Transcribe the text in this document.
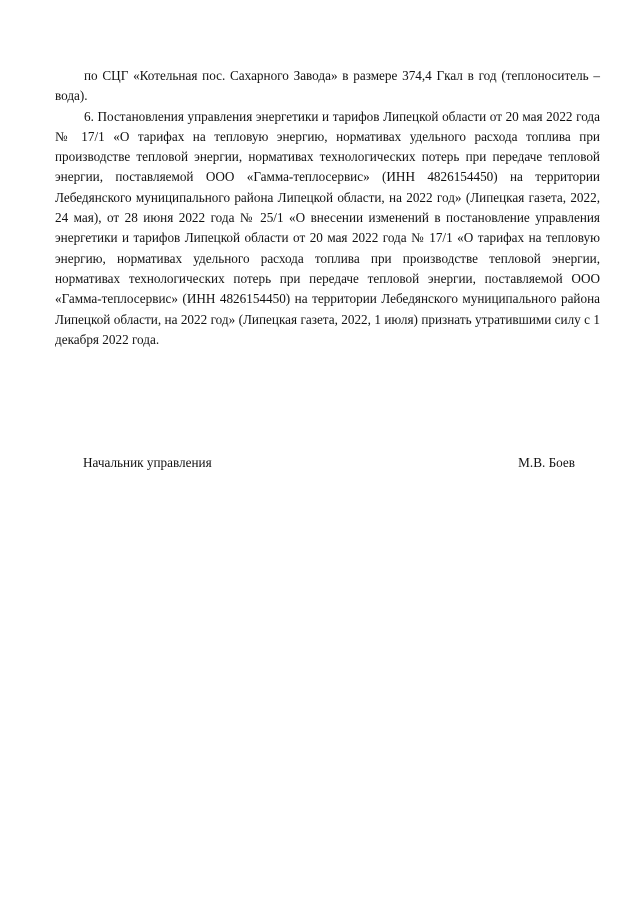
по СЦГ «Котельная пос. Сахарного Завода» в размере 374,4 Гкал в год (теплоноситель – вода).

6. Постановления управления энергетики и тарифов Липецкой области от 20 мая 2022 года № 17/1 «О тарифах на тепловую энергию, нормативах удельного расхода топлива при производстве тепловой энергии, нормативах технологических потерь при передаче тепловой энергии, поставляемой ООО «Гамма-теплосервис» (ИНН 4826154450) на территории Лебедянского муниципального района Липецкой области, на 2022 год» (Липецкая газета, 2022, 24 мая), от 28 июня 2022 года № 25/1 «О внесении изменений в постановление управления энергетики и тарифов Липецкой области от 20 мая 2022 года № 17/1 «О тарифах на тепловую энергию, нормативах удельного расхода топлива при производстве тепловой энергии, нормативах технологических потерь при передаче тепловой энергии, поставляемой ООО «Гамма-теплосервис» (ИНН 4826154450) на территории Лебедянского муниципального района Липецкой области, на 2022 год» (Липецкая газета, 2022, 1 июля) признать утратившими силу с 1 декабря 2022 года.

Начальник управления	М.В. Боев
